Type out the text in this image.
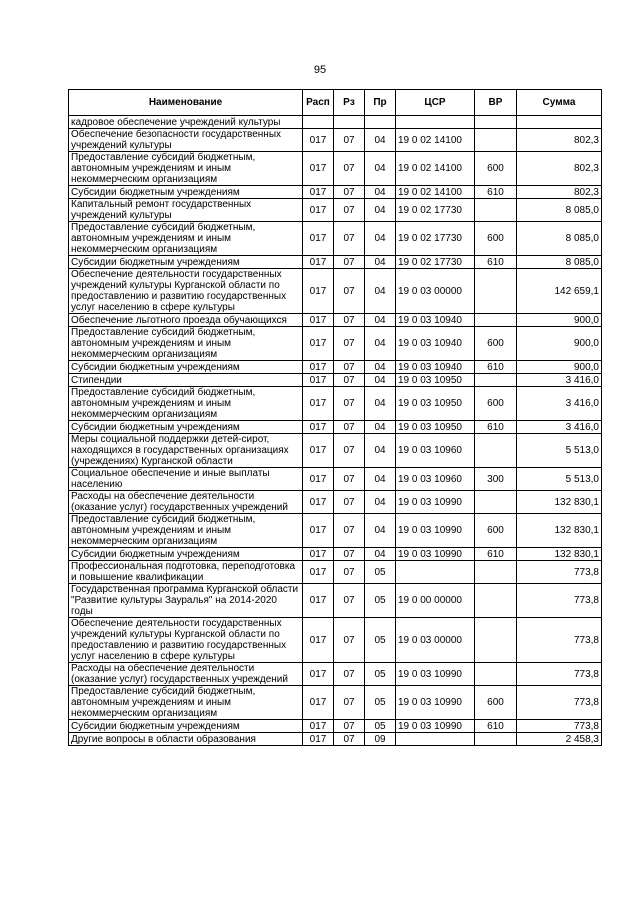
95
Наименование	Расп	Рз	Пр	ЦСР	ВР	Сумма
кадровое обеспечение учреждений культуры						
Обеспечение безопасности государственных учреждений культуры	017	07	04	19 0 02 14100		802,3
Предоставление субсидий бюджетным, автономным учреждениям и иным некоммерческим организациям	017	07	04	19 0 02 14100	600	802,3
Субсидии бюджетным учреждениям	017	07	04	19 0 02 14100	610	802,3
Капитальный ремонт государственных учреждений культуры	017	07	04	19 0 02 17730		8 085,0
Предоставление субсидий бюджетным, автономным учреждениям и иным некоммерческим организациям	017	07	04	19 0 02 17730	600	8 085,0
Субсидии бюджетным учреждениям	017	07	04	19 0 02 17730	610	8 085,0
Обеспечение деятельности государственных учреждений культуры Курганской области по предоставлению и развитию государственных услуг населению в сфере культуры	017	07	04	19 0 03 00000		142 659,1
Обеспечение льготного проезда обучающихся	017	07	04	19 0 03 10940		900,0
Предоставление субсидий бюджетным, автономным учреждениям и иным некоммерческим организациям	017	07	04	19 0 03 10940	600	900,0
Субсидии бюджетным учреждениям	017	07	04	19 0 03 10940	610	900,0
Стипендии	017	07	04	19 0 03 10950		3 416,0
Предоставление субсидий бюджетным, автономным учреждениям и иным некоммерческим организациям	017	07	04	19 0 03 10950	600	3 416,0
Субсидии бюджетным учреждениям	017	07	04	19 0 03 10950	610	3 416,0
Меры социальной поддержки детей-сирот, находящихся в государственных организациях (учреждениях) Курганской области	017	07	04	19 0 03 10960		5 513,0
Социальное обеспечение и иные выплаты населению	017	07	04	19 0 03 10960	300	5 513,0
Расходы на обеспечение деятельности (оказание услуг) государственных учреждений	017	07	04	19 0 03 10990		132 830,1
Предоставление субсидий бюджетным, автономным учреждениям и иным некоммерческим организациям	017	07	04	19 0 03 10990	600	132 830,1
Субсидии бюджетным учреждениям	017	07	04	19 0 03 10990	610	132 830,1
Профессиональная подготовка, переподготовка и повышение квалификации	017	07	05			773,8
Государственная программа Курганской области "Развитие культуры Зауралья" на 2014-2020 годы	017	07	05	19 0 00 00000		773,8
Обеспечение деятельности государственных учреждений культуры Курганской области по предоставлению и развитию государственных услуг населению в сфере культуры	017	07	05	19 0 03 00000		773,8
Расходы на обеспечение деятельности (оказание услуг) государственных учреждений	017	07	05	19 0 03 10990		773,8
Предоставление субсидий бюджетным, автономным учреждениям и иным некоммерческим организациям	017	07	05	19 0 03 10990	600	773,8
Субсидии бюджетным учреждениям	017	07	05	19 0 03 10990	610	773,8
Другие вопросы в области образования	017	07	09			2 458,3
